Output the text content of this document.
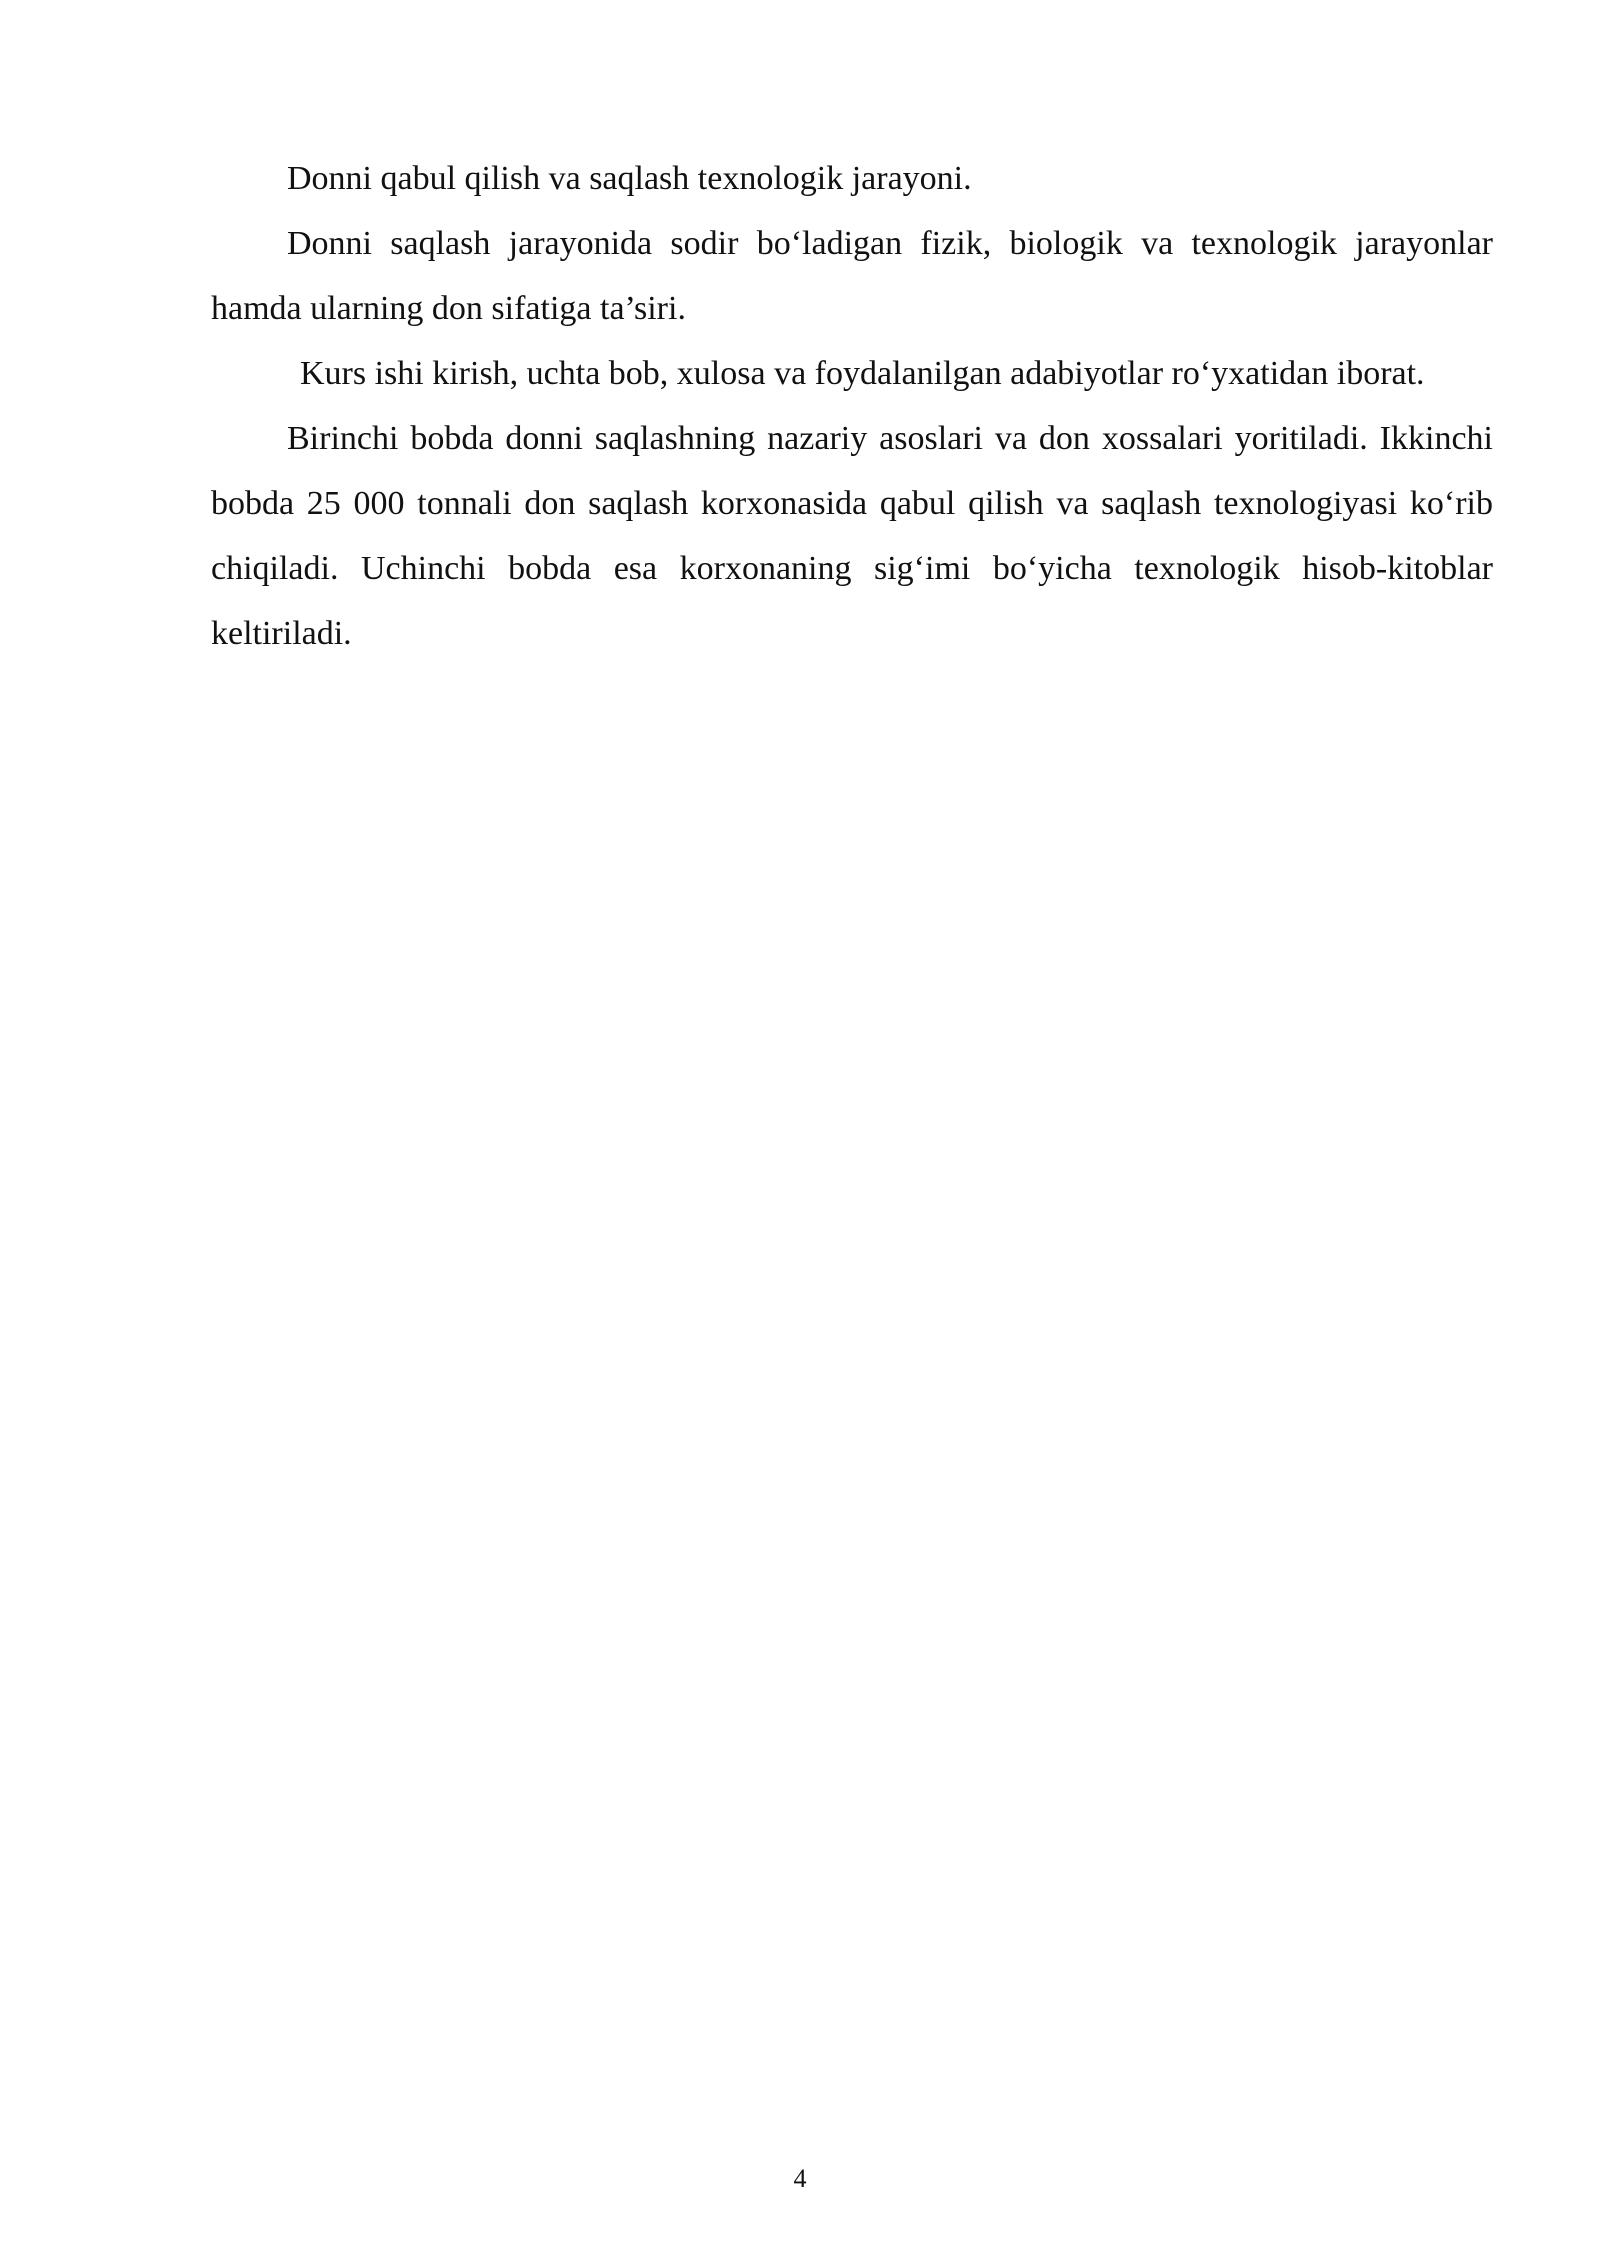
Donni qabul qilish va saqlash texnologik jarayoni.

Donni saqlash jarayonida sodir bo‘ladigan fizik, biologik va texnologik jarayonlar hamda ularning don sifatiga ta’siri.

Kurs ishi kirish, uchta bob, xulosa va foydalanilgan adabiyotlar ro‘yxatidan iborat.

Birinchi bobda donni saqlashning nazariy asoslari va don xossalari yoritiladi. Ikkinchi bobda 25 000 tonnali don saqlash korxonasida qabul qilish va saqlash texnologiyasi ko‘rib chiqiladi. Uchinchi bobda esa korxonaning sig‘imi bo‘yicha texnologik hisob-kitoblar keltiriladi.

4
